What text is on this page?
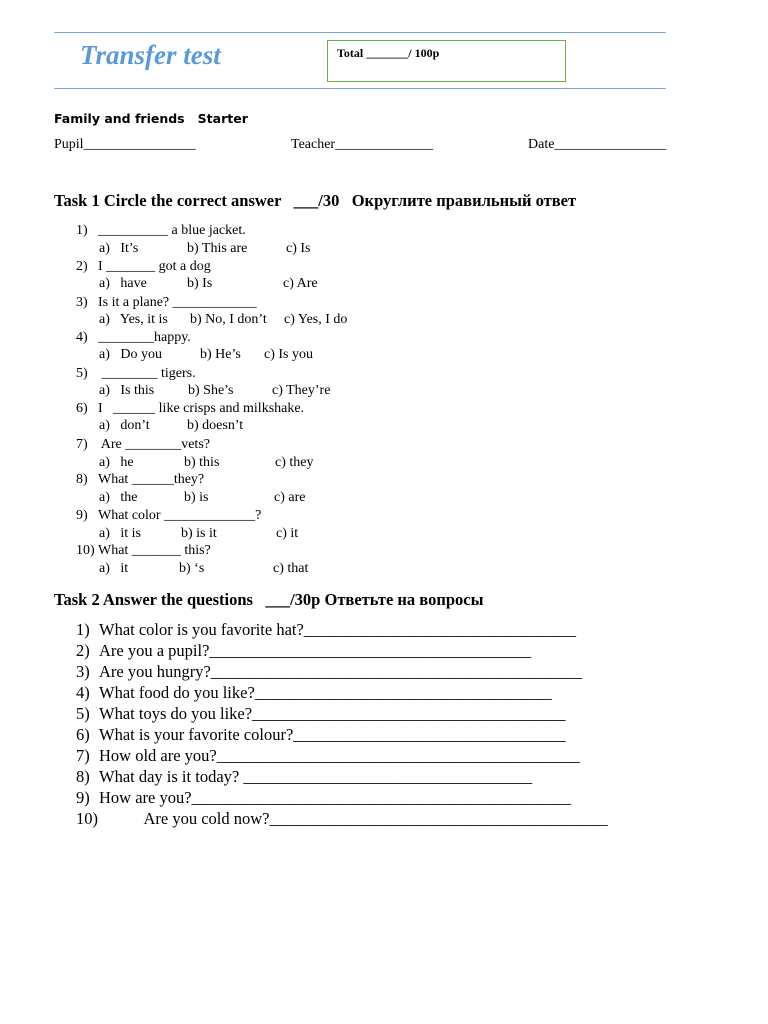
Transfer test	Total _______/ 100p
Family and friends   Starter
Pupil________________	Teacher______________	Date________________
Task 1 Circle the correct answer   ___/30   Округлите правильный ответ
1) __________ a blue jacket.
a)   It’s	b) This are	c) Is
2) I _______ got a dog
a)   have	b) Is	c) Are
3) Is it a plane? ____________
a)   Yes, it is b) No, I don’t c) Yes, I do
4) ________happy.
a)   Do you	b) He’s c) Is you
5) ________ tigers.
a)   Is this b) She’s	c) They’re
6) I   ______ like crisps and milkshake.
a)   don’t	b) doesn’t
7) Are ________vets?
a)   he	b) this	c) they
8) What ______they?
a)   the	b) is	c) are
9) What color _____________?
a)   it is	b) is it	c) it
10) What _______ this?
a)   it	b) ‘s	c) that
Task 2 Answer the questions   ___/30p Ответьте на вопросы
1) What color is you favorite hat?_________________________________
2) Are you a pupil?_______________________________________
3) Are you hungry?_____________________________________________
4) What food do you like?____________________________________
5) What toys do you like?______________________________________
6) What is your favorite colour?_________________________________
7) How old are you?____________________________________________
8) What day is it today? ___________________________________
9) How are you?______________________________________________
10)           Are you cold now?_________________________________________
